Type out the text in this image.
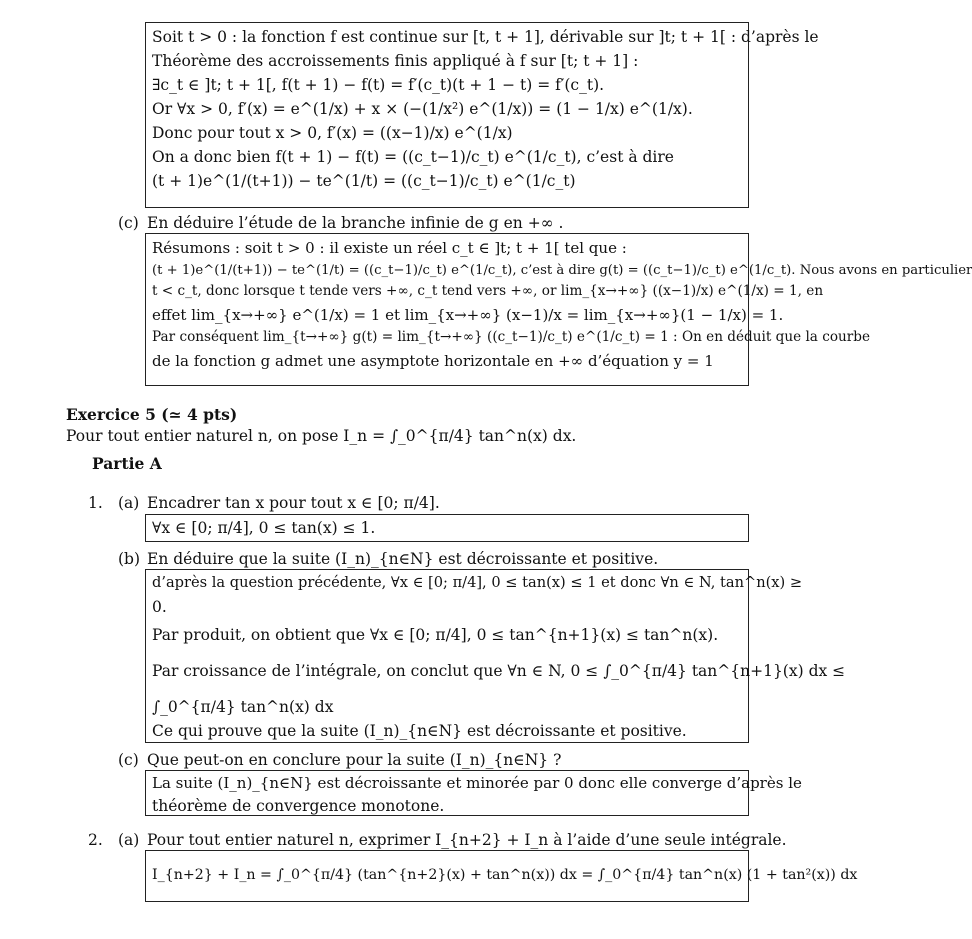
Soit t > 0 : la fonction f est continue sur [t, t + 1], dérivable sur ]t; t + 1[ : d’après le
Théorème des accroissements finis appliqué à f sur [t; t + 1] :
∃c_t ∈ ]t; t + 1[, f(t + 1) − f(t) = f′(c_t)(t + 1 − t) = f′(c_t).
Or ∀x > 0, f′(x) = e^(1/x) + x × (−(1/x²) e^(1/x)) = (1 − 1/x) e^(1/x).
Donc pour tout x > 0, f′(x) = ((x−1)/x) e^(1/x)
On a donc bien f(t + 1) − f(t) = ((c_t−1)/c_t) e^(1/c_t), c’est à dire
(t + 1)e^(1/(t+1)) − te^(1/t) = ((c_t−1)/c_t) e^(1/c_t)
(c) En déduire l’étude de la branche infinie de g en +∞ .
Résumons : soit t > 0 : il existe un réel c_t ∈ ]t; t + 1[ tel que :
(t + 1)e^(1/(t+1)) − te^(1/t) = ((c_t−1)/c_t) e^(1/c_t), c’est à dire g(t) = ((c_t−1)/c_t) e^(1/c_t). Nous avons en particulier
t < c_t, donc lorsque t tende vers +∞, c_t tend vers +∞, or lim_{x→+∞} ((x−1)/x) e^(1/x) = 1, en
effet lim_{x→+∞} e^(1/x) = 1 et lim_{x→+∞} (x−1)/x = lim_{x→+∞}(1 − 1/x) = 1.
Par conséquent lim_{t→+∞} g(t) = lim_{t→+∞} ((c_t−1)/c_t) e^(1/c_t) = 1 : On en déduit que la courbe
de la fonction g admet une asymptote horizontale en +∞ d’équation y = 1
Exercice 5 (≃ 4 pts)
Pour tout entier naturel n, on pose I_n = ∫_0^{π/4} tan^n(x) dx.
Partie A
1. (a) Encadrer tan x pour tout x ∈ [0; π/4].
∀x ∈ [0; π/4], 0 ≤ tan(x) ≤ 1.
(b) En déduire que la suite (I_n)_{n∈N} est décroissante et positive.
d’après la question précédente, ∀x ∈ [0; π/4], 0 ≤ tan(x) ≤ 1 et donc ∀n ∈ N, tan^n(x) ≥
0.
Par produit, on obtient que ∀x ∈ [0; π/4], 0 ≤ tan^{n+1}(x) ≤ tan^n(x).
Par croissance de l’intégrale, on conclut que ∀n ∈ N, 0 ≤ ∫_0^{π/4} tan^{n+1}(x) dx ≤
∫_0^{π/4} tan^n(x) dx
Ce qui prouve que la suite (I_n)_{n∈N} est décroissante et positive.
(c) Que peut-on en conclure pour la suite (I_n)_{n∈N} ?
La suite (I_n)_{n∈N} est décroissante et minorée par 0 donc elle converge d’après le
théorème de convergence monotone.
2. (a) Pour tout entier naturel n, exprimer I_{n+2} + I_n à l’aide d’une seule intégrale.
I_{n+2} + I_n = ∫_0^{π/4} (tan^{n+2}(x) + tan^n(x)) dx = ∫_0^{π/4} tan^n(x) (1 + tan²(x)) dx
